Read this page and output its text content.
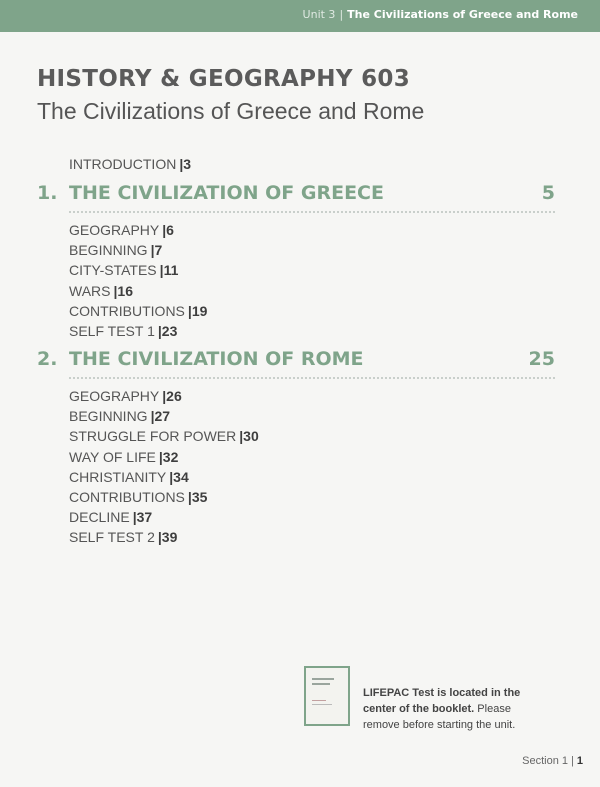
Unit 3 | The Civilizations of Greece and Rome
HISTORY & GEOGRAPHY 603
The Civilizations of Greece and Rome
INTRODUCTION |3
1. THE CIVILIZATION OF GREECE	5
GEOGRAPHY |6
BEGINNING |7
CITY-STATES |11
WARS |16
CONTRIBUTIONS |19
SELF TEST 1 |23
2. THE CIVILIZATION OF ROME	25
GEOGRAPHY |26
BEGINNING |27
STRUGGLE FOR POWER |30
WAY OF LIFE |32
CHRISTIANITY |34
CONTRIBUTIONS |35
DECLINE |37
SELF TEST 2 |39
LIFEPAC Test is located in the center of the booklet. Please remove before starting the unit.
Section 1 | 1
